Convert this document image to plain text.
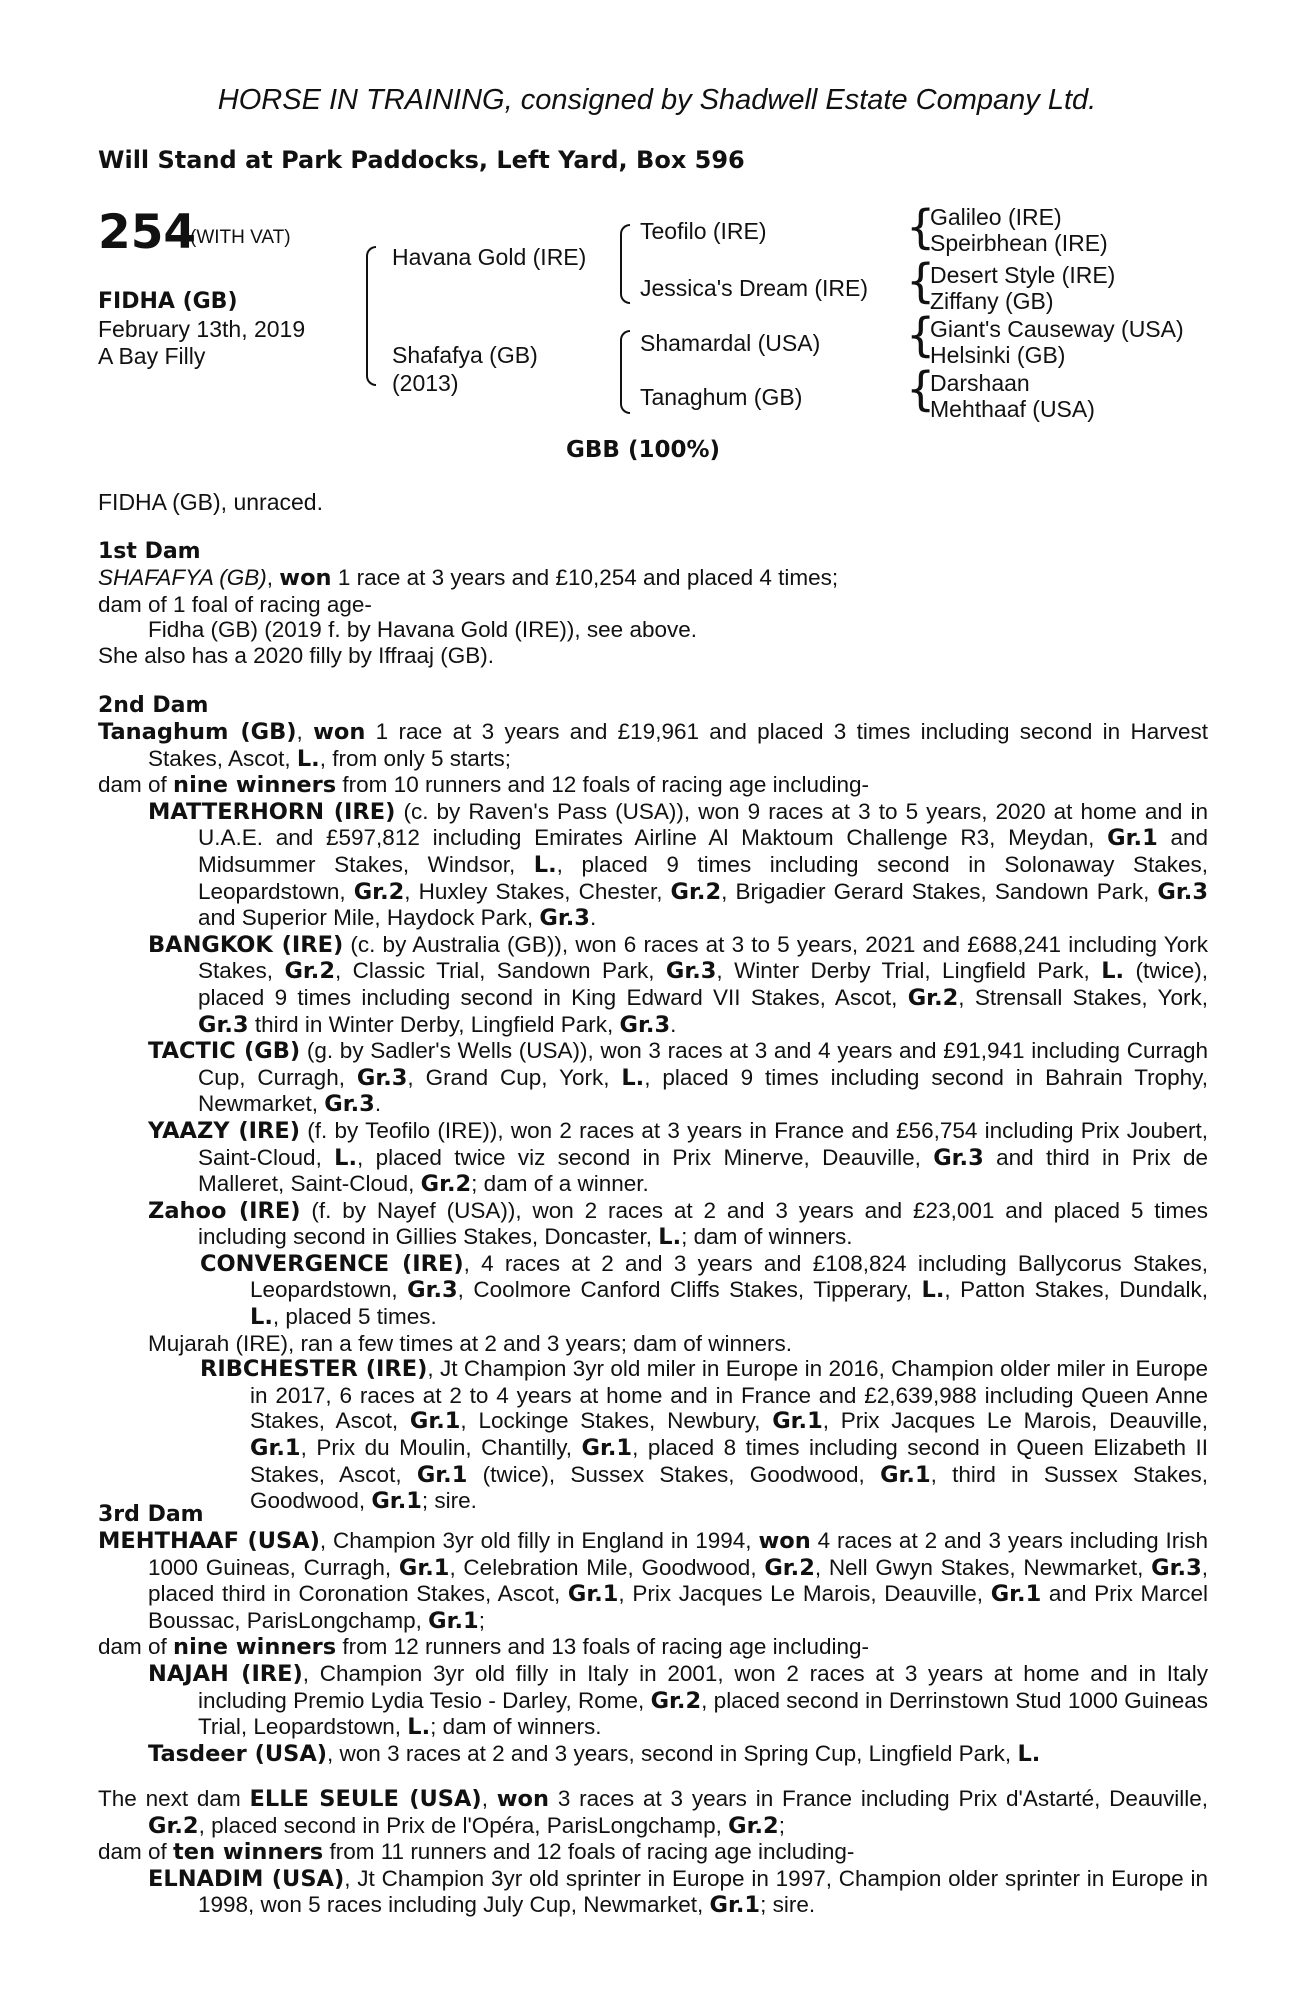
HORSE IN TRAINING, consigned by Shadwell Estate Company Ltd.
Will Stand at Park Paddocks, Left Yard, Box 596
254
(WITH VAT)
FIDHA (GB)
February 13th, 2019
A Bay Filly
Havana Gold (IRE)
Shafafya (GB)
(2013)
Teofilo (IRE)
Jessica's Dream (IRE)
Shamardal (USA)
Tanaghum (GB)
{
{
{
{
Galileo (IRE)
Speirbhean (IRE)
Desert Style (IRE)
Ziffany (GB)
Giant's Causeway (USA)
Helsinki (GB)
Darshaan
Mehthaaf (USA)
GBB (100%)
FIDHA (GB), unraced.
1st Dam

SHAFAFYA (GB), won 1 race at 3 years and £10,254 and placed 4 times;

dam of 1 foal of racing age-

Fidha (GB) (2019 f. by Havana Gold (IRE)), see above.

She also has a 2020 filly by Iffraaj (GB).

2nd Dam

Tanaghum (GB), won 1 race at 3 years and £19,961 and placed 3 times including second in Harvest Stakes, Ascot, L., from only 5 starts;

dam of nine winners from 10 runners and 12 foals of racing age including-

MATTERHORN (IRE) (c. by Raven's Pass (USA)), won 9 races at 3 to 5 years, 2020 at home and in U.A.E. and £597,812 including Emirates Airline Al Maktoum Challenge R3, Meydan, Gr.1 and Midsummer Stakes, Windsor, L., placed 9 times including second in Solonaway Stakes, Leopardstown, Gr.2, Huxley Stakes, Chester, Gr.2, Brigadier Gerard Stakes, Sandown Park, Gr.3 and Superior Mile, Haydock Park, Gr.3.

BANGKOK (IRE) (c. by Australia (GB)), won 6 races at 3 to 5 years, 2021 and £688,241 including York Stakes, Gr.2, Classic Trial, Sandown Park, Gr.3, Winter Derby Trial, Lingfield Park, L. (twice), placed 9 times including second in King Edward VII Stakes, Ascot, Gr.2, Strensall Stakes, York, Gr.3 third in Winter Derby, Lingfield Park, Gr.3.

TACTIC (GB) (g. by Sadler's Wells (USA)), won 3 races at 3 and 4 years and £91,941 including Curragh Cup, Curragh, Gr.3, Grand Cup, York, L., placed 9 times including second in Bahrain Trophy, Newmarket, Gr.3.

YAAZY (IRE) (f. by Teofilo (IRE)), won 2 races at 3 years in France and £56,754 including Prix Joubert, Saint-Cloud, L., placed twice viz second in Prix Minerve, Deauville, Gr.3 and third in Prix de Malleret, Saint-Cloud, Gr.2; dam of a winner.

Zahoo (IRE) (f. by Nayef (USA)), won 2 races at 2 and 3 years and £23,001 and placed 5 times including second in Gillies Stakes, Doncaster, L.; dam of winners.

CONVERGENCE (IRE), 4 races at 2 and 3 years and £108,824 including Ballycorus Stakes, Leopardstown, Gr.3, Coolmore Canford Cliffs Stakes, Tipperary, L., Patton Stakes, Dundalk, L., placed 5 times.

Mujarah (IRE), ran a few times at 2 and 3 years; dam of winners.

RIBCHESTER (IRE), Jt Champion 3yr old miler in Europe in 2016, Champion older miler in Europe in 2017, 6 races at 2 to 4 years at home and in France and £2,639,988 including Queen Anne Stakes, Ascot, Gr.1, Lockinge Stakes, Newbury, Gr.1, Prix Jacques Le Marois, Deauville, Gr.1, Prix du Moulin, Chantilly, Gr.1, placed 8 times including second in Queen Elizabeth II Stakes, Ascot, Gr.1 (twice), Sussex Stakes, Goodwood, Gr.1, third in Sussex Stakes, Goodwood, Gr.1; sire.

3rd Dam

MEHTHAAF (USA), Champion 3yr old filly in England in 1994, won 4 races at 2 and 3 years including Irish 1000 Guineas, Curragh, Gr.1, Celebration Mile, Goodwood, Gr.2, Nell Gwyn Stakes, Newmarket, Gr.3, placed third in Coronation Stakes, Ascot, Gr.1, Prix Jacques Le Marois, Deauville, Gr.1 and Prix Marcel Boussac, ParisLongchamp, Gr.1;

dam of nine winners from 12 runners and 13 foals of racing age including-

NAJAH (IRE), Champion 3yr old filly in Italy in 2001, won 2 races at 3 years at home and in Italy including Premio Lydia Tesio - Darley, Rome, Gr.2, placed second in Derrinstown Stud 1000 Guineas Trial, Leopardstown, L.; dam of winners.

Tasdeer (USA), won 3 races at 2 and 3 years, second in Spring Cup, Lingfield Park, L.

The next dam ELLE SEULE (USA), won 3 races at 3 years in France including Prix d'Astarté, Deauville, Gr.2, placed second in Prix de l'Opéra, ParisLongchamp, Gr.2;

dam of ten winners from 11 runners and 12 foals of racing age including-

ELNADIM (USA), Jt Champion 3yr old sprinter in Europe in 1997, Champion older sprinter in Europe in 1998, won 5 races including July Cup, Newmarket, Gr.1; sire.
